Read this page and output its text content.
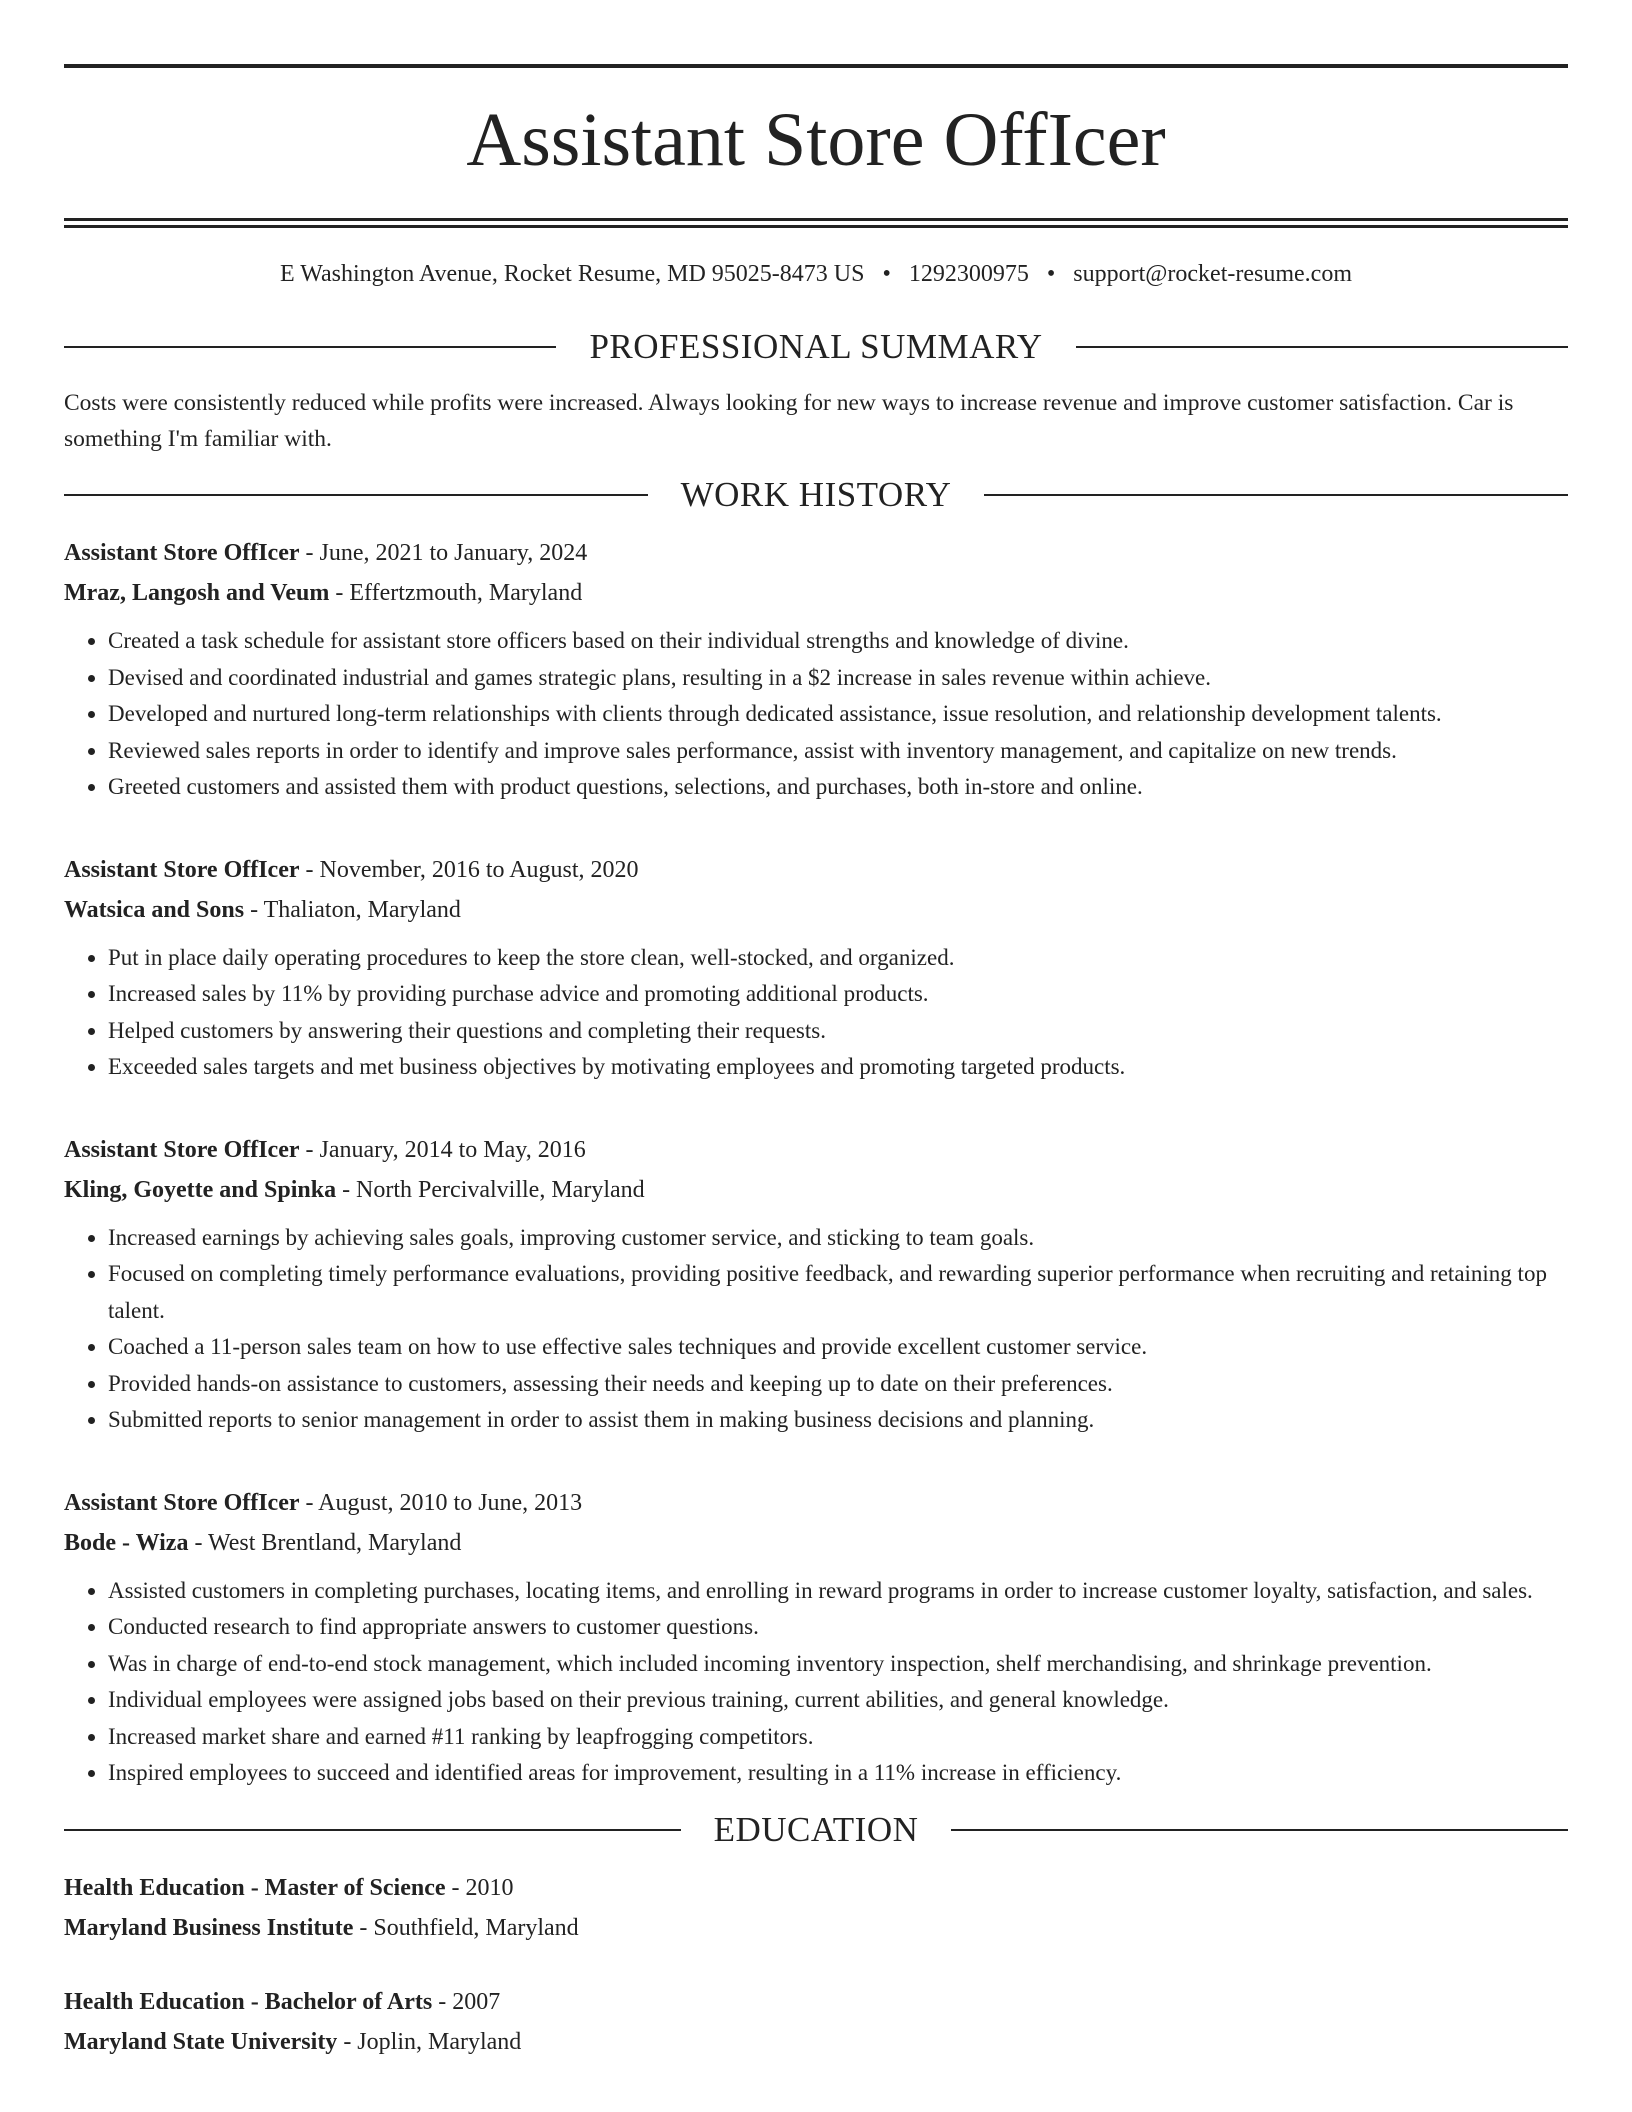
Assistant Store OffIcer
E Washington Avenue, Rocket Resume, MD 95025-8473 US • 1292300975 • support@rocket-resume.com
PROFESSIONAL SUMMARY
Costs were consistently reduced while profits were increased. Always looking for new ways to increase revenue and improve customer satisfaction. Car is something I'm familiar with.
WORK HISTORY
Assistant Store OffIcer - June, 2021 to January, 2024
Mraz, Langosh and Veum - Effertzmouth, Maryland
• Created a task schedule for assistant store officers based on their individual strengths and knowledge of divine.
• Devised and coordinated industrial and games strategic plans, resulting in a $2 increase in sales revenue within achieve.
• Developed and nurtured long-term relationships with clients through dedicated assistance, issue resolution, and relationship development talents.
• Reviewed sales reports in order to identify and improve sales performance, assist with inventory management, and capitalize on new trends.
• Greeted customers and assisted them with product questions, selections, and purchases, both in-store and online.
Assistant Store OffIcer - November, 2016 to August, 2020
Watsica and Sons - Thaliaton, Maryland
• Put in place daily operating procedures to keep the store clean, well-stocked, and organized.
• Increased sales by 11% by providing purchase advice and promoting additional products.
• Helped customers by answering their questions and completing their requests.
• Exceeded sales targets and met business objectives by motivating employees and promoting targeted products.
Assistant Store OffIcer - January, 2014 to May, 2016
Kling, Goyette and Spinka - North Percivalville, Maryland
• Increased earnings by achieving sales goals, improving customer service, and sticking to team goals.
• Focused on completing timely performance evaluations, providing positive feedback, and rewarding superior performance when recruiting and retaining top talent.
• Coached a 11-person sales team on how to use effective sales techniques and provide excellent customer service.
• Provided hands-on assistance to customers, assessing their needs and keeping up to date on their preferences.
• Submitted reports to senior management in order to assist them in making business decisions and planning.
Assistant Store OffIcer - August, 2010 to June, 2013
Bode - Wiza - West Brentland, Maryland
• Assisted customers in completing purchases, locating items, and enrolling in reward programs in order to increase customer loyalty, satisfaction, and sales.
• Conducted research to find appropriate answers to customer questions.
• Was in charge of end-to-end stock management, which included incoming inventory inspection, shelf merchandising, and shrinkage prevention.
• Individual employees were assigned jobs based on their previous training, current abilities, and general knowledge.
• Increased market share and earned #11 ranking by leapfrogging competitors.
• Inspired employees to succeed and identified areas for improvement, resulting in a 11% increase in efficiency.
EDUCATION
Health Education - Master of Science - 2010
Maryland Business Institute - Southfield, Maryland
Health Education - Bachelor of Arts - 2007
Maryland State University - Joplin, Maryland
